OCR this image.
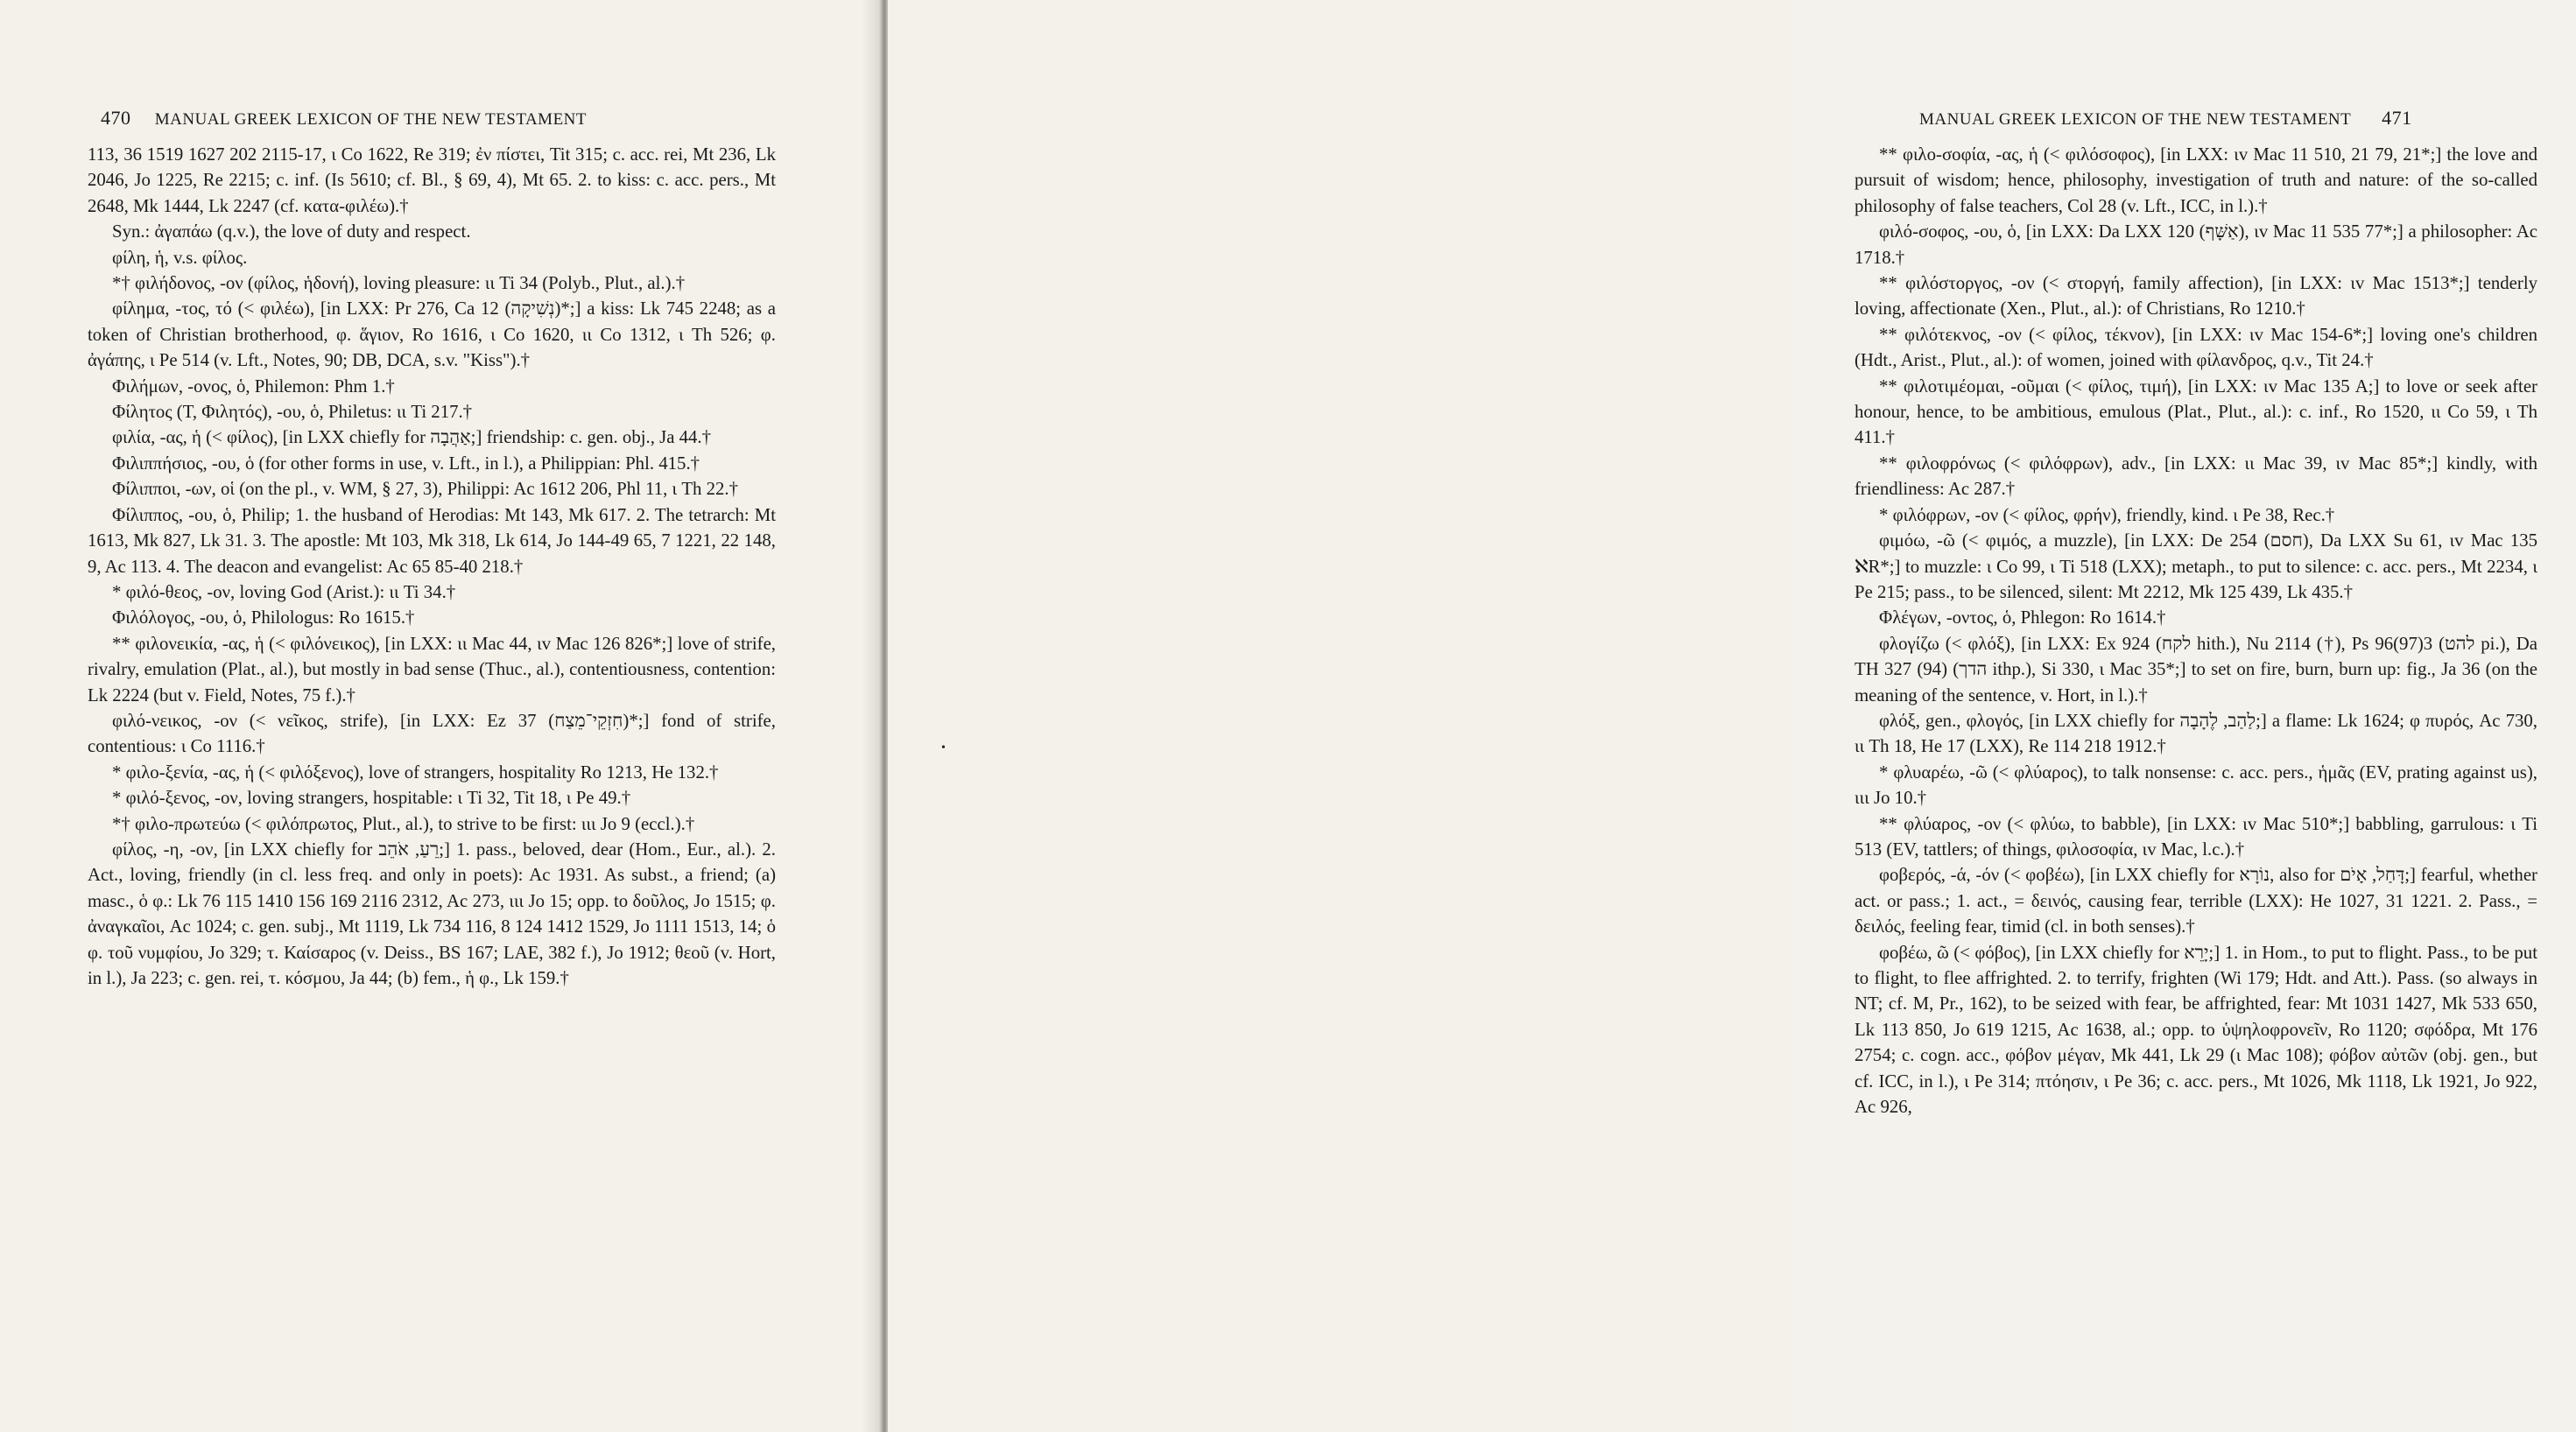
470 MANUAL GREEK LEXICON OF THE NEW TESTAMENT

113, 36 1519 1627 202 2115-17, ι Co 1622, Re 319; ἐν πίστει, Tit 315; c. acc. rei, Mt 236, Lk 2046, Jo 1225, Re 2215; c. inf. (Is 5610; cf. Bl., § 69, 4), Mt 65. 2. to kiss: c. acc. pers., Mt 2648, Mk 1444, Lk 2247 (cf. κατα-φιλέω).†

Syn.: ἀγαπάω (q.v.), the love of duty and respect.

φίλη, ἡ, v.s. φίλος.

*† φιλήδονος, -ον (φίλος, ἡδονή), loving pleasure: ιι Ti 34 (Polyb., Plut., al.).†

φίλημα, -τος, τό (< φιλέω), [in LXX: Pr 276, Ca 12 (נְשִׁיקָה)*;] a kiss: Lk 745 2248; as a token of Christian brotherhood, φ. ἅγιον, Ro 1616, ι Co 1620, ιι Co 1312, ι Th 526; φ. ἀγάπης, ι Pe 514 (v. Lft., Notes, 90; DB, DCA, s.v. "Kiss").†

Φιλήμων, -ονος, ὁ, Philemon: Phm 1.†

Φίλητος (T, Φιλητός), -ου, ὁ, Philetus: ιι Ti 217.†

φιλία, -ας, ἡ (< φίλος), [in LXX chiefly for אַהֲבָה;] friendship: c. gen. obj., Ja 44.†

Φιλιππήσιος, -ου, ὁ (for other forms in use, v. Lft., in l.), a Philippian: Phl. 415.†

Φίλιπποι, -ων, οἱ (on the pl., v. WM, § 27, 3), Philippi: Ac 1612 206, Phl 11, ι Th 22.†

Φίλιππος, -ου, ὁ, Philip; 1. the husband of Herodias: Mt 143, Mk 617. 2. The tetrarch: Mt 1613, Mk 827, Lk 31. 3. The apostle: Mt 103, Mk 318, Lk 614, Jo 144-49 65, 7 1221, 22 148, 9, Ac 113. 4. The deacon and evangelist: Ac 65 85-40 218.†

* φιλό-θεος, -ον, loving God (Arist.): ιι Ti 34.†

Φιλόλογος, -ου, ὁ, Philologus: Ro 1615.†

** φιλονεικία, -ας, ἡ (< φιλόνεικος), [in LXX: ιι Mac 44, ιv Mac 126 826*;] love of strife, rivalry, emulation (Plat., al.), but mostly in bad sense (Thuc., al.), contentiousness, contention: Lk 2224 (but v. Field, Notes, 75 f.).†

φιλό-νεικος, -ον (< νεῖκος, strife), [in LXX: Ez 37 (חִזְקֵי־מֵצַח)*;] fond of strife, contentious: ι Co 1116.†

* φιλο-ξενία, -ας, ἡ (< φιλόξενος), love of strangers, hospitality Ro 1213, He 132.†

* φιλό-ξενος, -ον, loving strangers, hospitable: ι Ti 32, Tit 18, ι Pe 49.†

*† φιλο-πρωτεύω (< φιλόπρωτος, Plut., al.), to strive to be first: ιιι Jo 9 (eccl.).†

φίλος, -η, -ον, [in LXX chiefly for רֵעַ, אֹהֵב;] 1. pass., beloved, dear (Hom., Eur., al.). 2. Act., loving, friendly (in cl. less freq. and only in poets): Ac 1931. As subst., a friend; (a) masc., ὁ φ.: Lk 76 115 1410 156 169 2116 2312, Ac 273, ιιι Jo 15; opp. to δοῦλος, Jo 1515; φ. ἀναγκαῖοι, Ac 1024; c. gen. subj., Mt 1119, Lk 734 116, 8 124 1412 1529, Jo 1111 1513, 14; ὁ φ. τοῦ νυμφίου, Jo 329; τ. Καίσαρος (v. Deiss., BS 167; LAE, 382 f.), Jo 1912; θεοῦ (v. Hort, in l.), Ja 223; c. gen. rei, τ. κόσμου, Ja 44; (b) fem., ἡ φ., Lk 159.†

MANUAL GREEK LEXICON OF THE NEW TESTAMENT 471

** φιλο-σοφία, -ας, ἡ (< φιλόσοφος), [in LXX: ιv Mac 11 510, 21 79, 21*;] the love and pursuit of wisdom; hence, philosophy, investigation of truth and nature: of the so-called philosophy of false teachers, Col 28 (v. Lft., ICC, in l.).†

φιλό-σοφος, -ου, ὁ, [in LXX: Da LXX 120 (אַשָּׁף), ιv Mac 11 535 77*;] a philosopher: Ac 1718.†

** φιλόστοργος, -ον (< στοργή, family affection), [in LXX: ιv Mac 1513*;] tenderly loving, affectionate (Xen., Plut., al.): of Christians, Ro 1210.†

** φιλότεκνος, -ον (< φίλος, τέκνον), [in LXX: ιv Mac 154-6*;] loving one's children (Hdt., Arist., Plut., al.): of women, joined with φίλανδρος, q.v., Tit 24.†

** φιλοτιμέομαι, -οῦμαι (< φίλος, τιμή), [in LXX: ιv Mac 135 A;] to love or seek after honour, hence, to be ambitious, emulous (Plat., Plut., al.): c. inf., Ro 1520, ιι Co 59, ι Th 411.†

** φιλοφρόνως (< φιλόφρων), adv., [in LXX: ιι Mac 39, ιv Mac 85*;] kindly, with friendliness: Ac 287.†

* φιλόφρων, -ον (< φίλος, φρήν), friendly, kind. ι Pe 38, Rec.†

φιμόω, -ῶ (< φιμός, a muzzle), [in LXX: De 254 (חסם), Da LXX Su 61, ιv Mac 135 ℵR*;] to muzzle: ι Co 99, ι Ti 518 (LXX); metaph., to put to silence: c. acc. pers., Mt 2234, ι Pe 215; pass., to be silenced, silent: Mt 2212, Mk 125 439, Lk 435.†

Φλέγων, -οντος, ὁ, Phlegon: Ro 1614.†

φλογίζω (< φλόξ), [in LXX: Ex 924 (לקח hith.), Nu 2114 (†), Ps 96(97)3 (להט pi.), Da TH 327 (94) (הדך ithp.), Si 330, ι Mac 35*;] to set on fire, burn, burn up: fig., Ja 36 (on the meaning of the sentence, v. Hort, in l.).†

φλόξ, gen., φλογός, [in LXX chiefly for לַהַב, לֶהָבָה;] a flame: Lk 1624; φ πυρός, Ac 730, ιι Th 18, He 17 (LXX), Re 114 218 1912.†

* φλυαρέω, -ῶ (< φλύαρος), to talk nonsense: c. acc. pers., ἡμᾶς (EV, prating against us), ιιι Jo 10.†

** φλύαρος, -ον (< φλύω, to babble), [in LXX: ιv Mac 510*;] babbling, garrulous: ι Ti 513 (EV, tattlers; of things, φιλοσοφία, ιv Mac, l.c.).†

φοβερός, -ά, -όν (< φοβέω), [in LXX chiefly for נוֹרָא, also for דָּחַל, אָיֹם;] fearful, whether act. or pass.; 1. act., = δεινός, causing fear, terrible (LXX): He 1027, 31 1221. 2. Pass., = δειλός, feeling fear, timid (cl. in both senses).†

φοβέω, ῶ (< φόβος), [in LXX chiefly for יָרֵא;] 1. in Hom., to put to flight. Pass., to be put to flight, to flee affrighted. 2. to terrify, frighten (Wi 179; Hdt. and Att.). Pass. (so always in NT; cf. M, Pr., 162), to be seized with fear, be affrighted, fear: Mt 1031 1427, Mk 533 650, Lk 113 850, Jo 619 1215, Ac 1638, al.; opp. to ὑψηλοφρονεῖν, Ro 1120; σφόδρα, Mt 176 2754; c. cogn. acc., φόβον μέγαν, Mk 441, Lk 29 (ι Mac 108); φόβον αὐτῶν (obj. gen., but cf. ICC, in l.), ι Pe 314; πτόησιν, ι Pe 36; c. acc. pers., Mt 1026, Mk 1118, Lk 1921, Jo 922, Ac 926,

•
